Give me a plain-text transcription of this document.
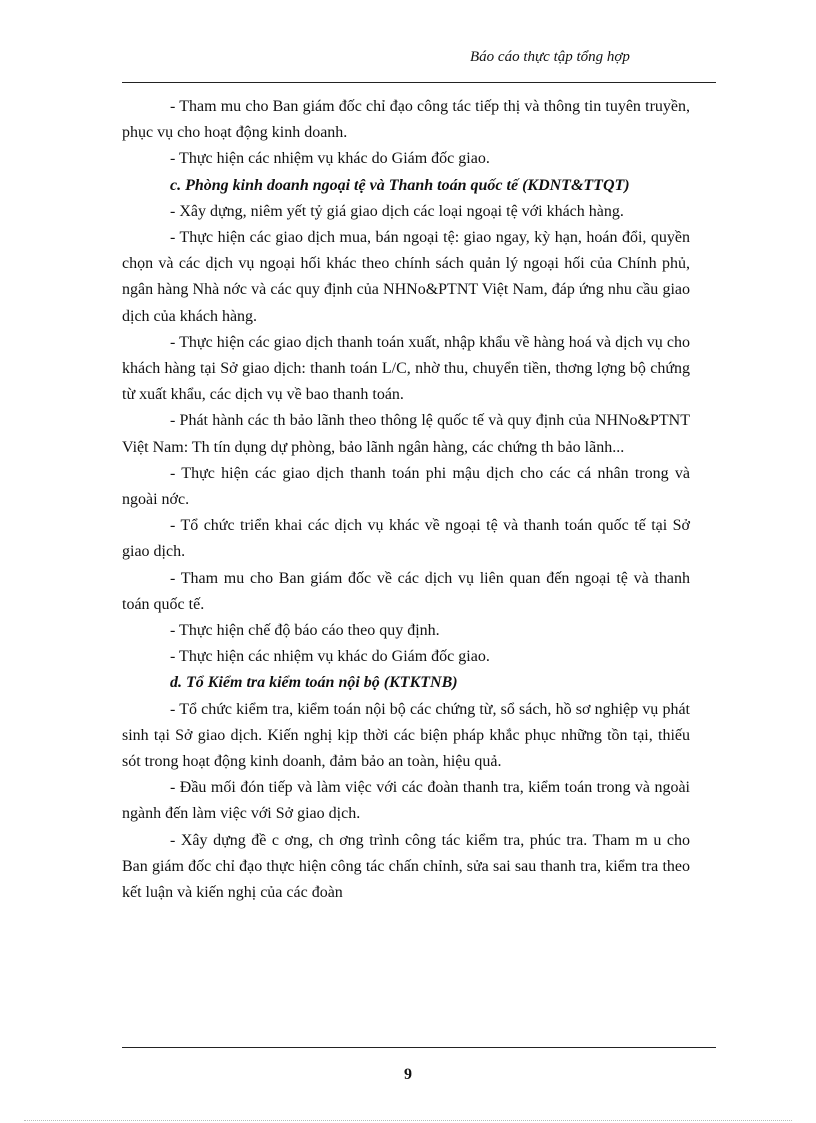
Báo cáo thực tập tổng hợp

- Tham mu cho Ban giám đốc chỉ đạo công tác tiếp thị và thông tin tuyên truyền, phục vụ cho hoạt động kinh doanh.

- Thực hiện các nhiệm vụ khác do Giám đốc giao.

c. Phòng kinh doanh ngoại tệ và Thanh toán quốc tế (KDNT&TTQT)

- Xây dựng, niêm yết tỷ giá giao dịch các loại ngoại tệ với khách hàng.

- Thực hiện các giao dịch mua, bán ngoại tệ: giao ngay, kỳ hạn, hoán đổi, quyền chọn và các dịch vụ ngoại hối khác theo chính sách quản lý ngoại hối của Chính phủ, ngân hàng Nhà nớc và các quy định của NHNo&PTNT Việt Nam, đáp ứng nhu cầu giao dịch của khách hàng.

- Thực hiện các giao dịch thanh toán xuất, nhập khẩu về hàng hoá và dịch vụ cho khách hàng tại Sở giao dịch: thanh toán L/C, nhờ thu, chuyển tiền, thơng lợng bộ chứng từ xuất khẩu, các dịch vụ về bao thanh toán.

- Phát hành các th bảo lãnh theo thông lệ quốc tế và quy định của NHNo&PTNT Việt Nam: Th tín dụng dự phòng, bảo lãnh ngân hàng, các chứng th bảo lãnh...

- Thực hiện các giao dịch thanh toán phi mậu dịch cho các cá nhân trong và ngoài nớc.

- Tổ chức triển khai các dịch vụ khác về ngoại tệ và thanh toán quốc tế tại Sở giao dịch.

- Tham mu cho Ban giám đốc về các dịch vụ liên quan đến ngoại tệ và thanh toán quốc tế.

- Thực hiện chế độ báo cáo theo quy định.

- Thực hiện các nhiệm vụ khác do Giám đốc giao.

d. Tổ Kiểm tra kiểm toán nội bộ (KTKTNB)

- Tổ chức kiểm tra, kiểm toán nội bộ các chứng từ, sổ sách, hồ sơ nghiệp vụ phát sinh tại Sở giao dịch. Kiến nghị kịp thời các biện pháp khắc phục những tồn tại, thiếu sót trong hoạt động kinh doanh, đảm bảo an toàn, hiệu quả.

- Đầu mối đón tiếp và làm việc với các đoàn thanh tra, kiểm toán trong và ngoài ngành đến làm việc với Sở giao dịch.

- Xây dựng đề c ơng, ch ơng trình công tác kiểm tra, phúc tra. Tham m u cho Ban giám đốc chỉ đạo thực hiện công tác chấn chỉnh, sửa sai sau thanh tra, kiểm tra theo kết luận và kiến nghị của các đoàn

9
